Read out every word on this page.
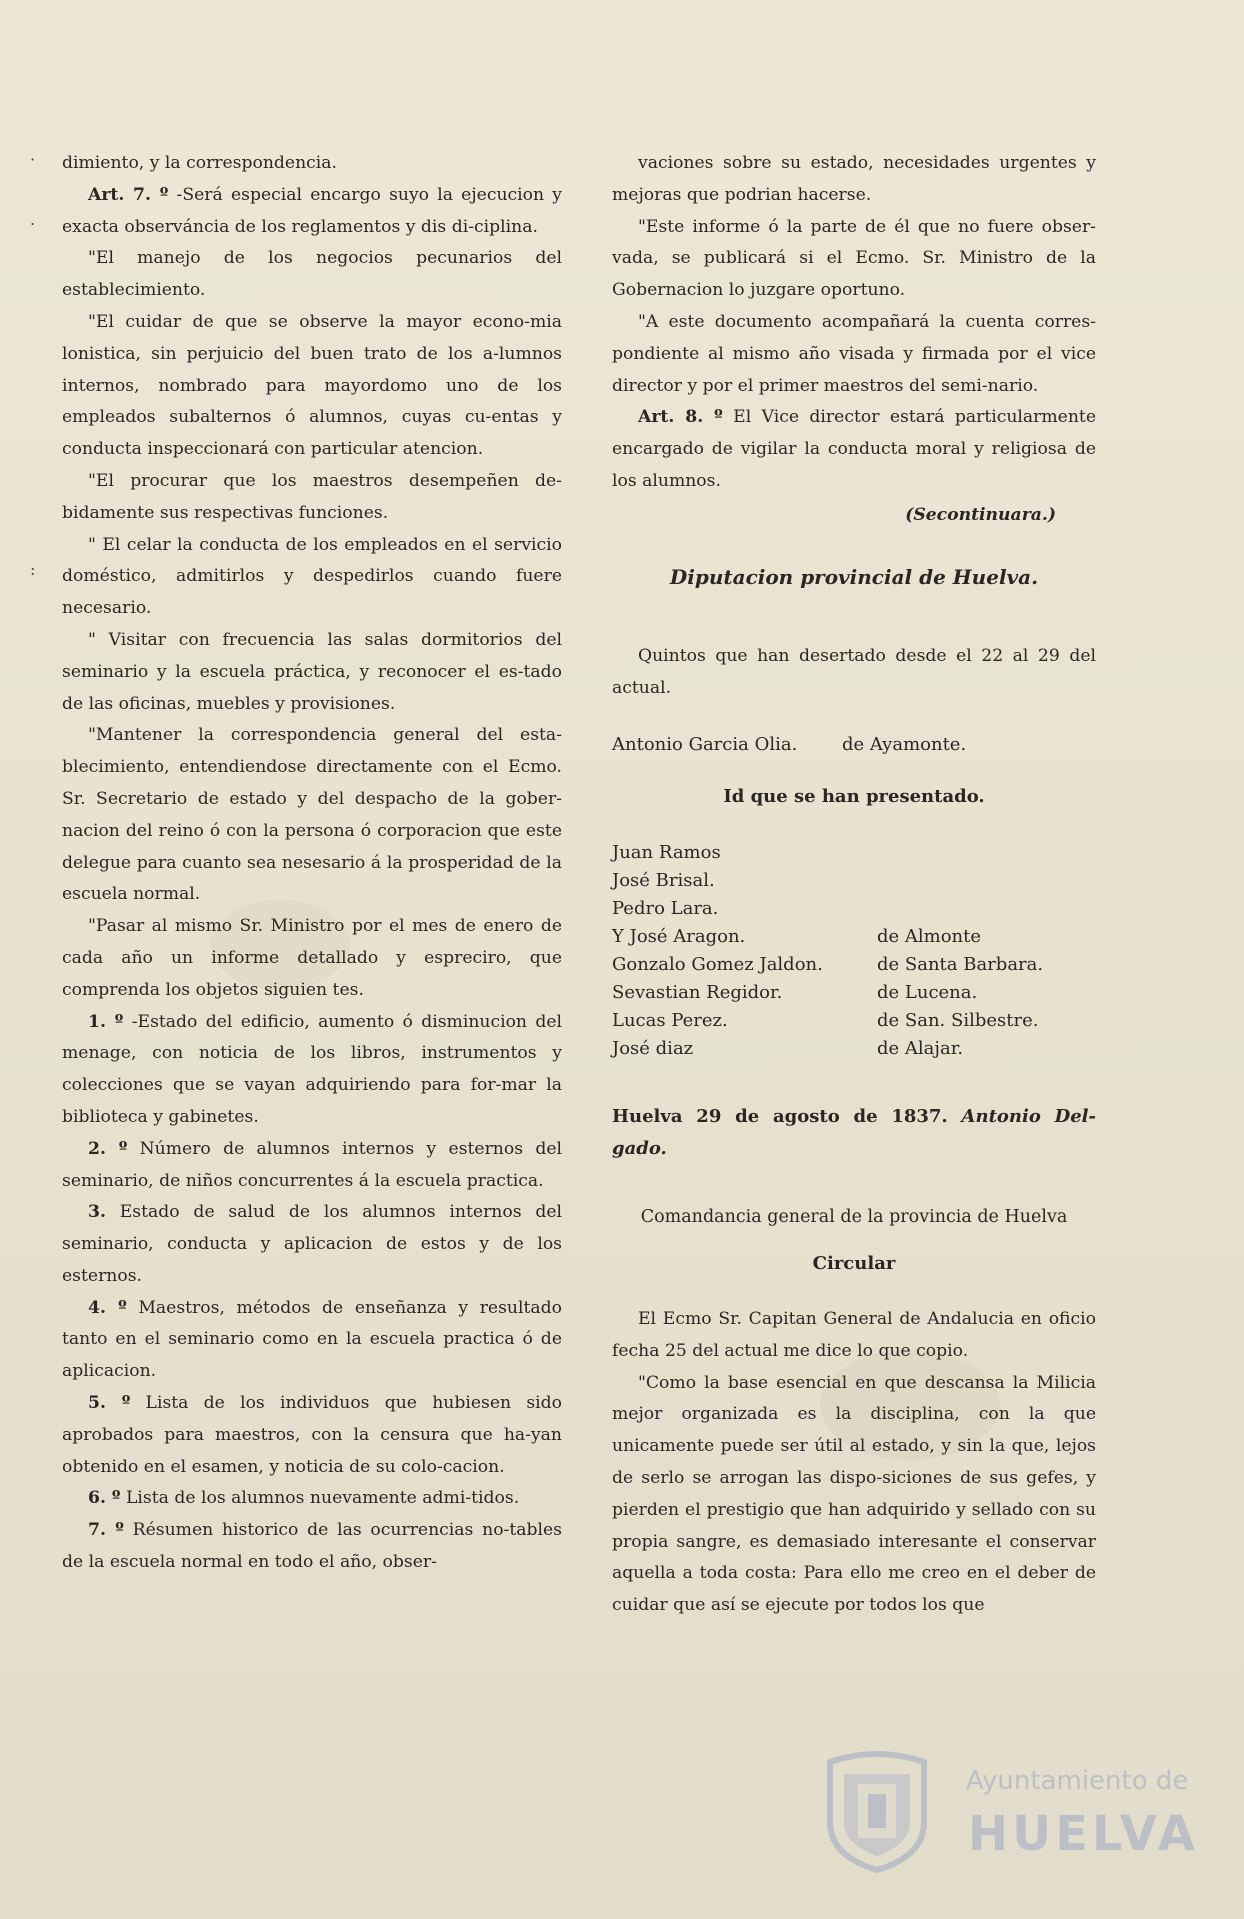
·
.
:

dimiento, y la correspondencia.

Art. 7. º -Será especial encargo suyo la ejecucion y exacta observáncia de los reglamentos y dis di-ciplina.

"El manejo de los negocios pecunarios del establecimiento.

"El cuidar de que se observe la mayor econo-mia lonistica, sin perjuicio del buen trato de los a-lumnos internos, nombrado para mayordomo uno de los empleados subalternos ó alumnos, cuyas cu-entas y conducta inspeccionará con particular atencion.

"El procurar que los maestros desempeñen de-bidamente sus respectivas funciones.

" El celar la conducta de los empleados en el servicio doméstico, admitirlos y despedirlos cuando fuere necesario.

" Visitar con frecuencia las salas dormitorios del seminario y la escuela práctica, y reconocer el es-tado de las oficinas, muebles y provisiones.

"Mantener la correspondencia general del esta-blecimiento, entendiendose directamente con el Ecmo. Sr. Secretario de estado y del despacho de la gober-nacion del reino ó con la persona ó corporacion que este delegue para cuanto sea nesesario á la prosperidad de la escuela normal.

"Pasar al mismo Sr. Ministro por el mes de enero de cada año un informe detallado y espreciro, que comprenda los objetos siguien tes.

1. º -Estado del edificio, aumento ó disminucion del menage, con noticia de los libros, instrumentos y colecciones que se vayan adquiriendo para for-mar la biblioteca y gabinetes.

2. º Número de alumnos internos y esternos del seminario, de niños concurrentes á la escuela practica.

3. Estado de salud de los alumnos internos del seminario, conducta y aplicacion de estos y de los esternos.

4. º Maestros, métodos de enseñanza y resultado tanto en el seminario como en la escuela practica ó de aplicacion.

5. º Lista de los individuos que hubiesen sido aprobados para maestros, con la censura que ha-yan obtenido en el esamen, y noticia de su colo-cacion.

6. º Lista de los alumnos nuevamente admi-tidos.

7. º Résumen historico de las ocurrencias no-tables de la escuela normal en todo el año, obser-

vaciones sobre su estado, necesidades urgentes y mejoras que podrian hacerse.

"Este informe ó la parte de él que no fuere obser-vada, se publicará si el Ecmo. Sr. Ministro de la Gobernacion lo juzgare oportuno.

"A este documento acompañará la cuenta corres-pondiente al mismo año visada y firmada por el vice director y por el primer maestros del semi-nario.

Art. 8. º El Vice director estará particularmente encargado de vigilar la conducta moral y religiosa de los alumnos.

(Secontinuara.)
Diputacion provincial de Huelva.

Quintos que han desertado desde el 22 al 29 del actual.

Antonio Garcia Olia.	de Ayamonte.
Id que se han presentado.
Juan Ramos
José Brisal.
Pedro Lara.
Y José Aragon.	de Almonte
Gonzalo Gomez Jaldon.	de Santa Barbara.
Sevastian Regidor.	de Lucena.
Lucas Perez.	de San. Silbestre.
José diaz	de Alajar.

Huelva 29 de agosto de 1837. Antonio Del-gado.

Comandancia general de la provincia de Huelva
Circular

El Ecmo Sr. Capitan General de Andalucia en oficio fecha 25 del actual me dice lo que copio.

"Como la base esencial en que descansa la Milicia mejor organizada es la disciplina, con la que unicamente puede ser útil al estado, y sin la que, lejos de serlo se arrogan las dispo-siciones de sus gefes, y pierden el prestigio que han adquirido y sellado con su propia sangre, es demasiado interesante el conservar aquella a toda costa: Para ello me creo en el deber de cuidar que así se ejecute por todos los que

Ayuntamiento de
HUELVA
